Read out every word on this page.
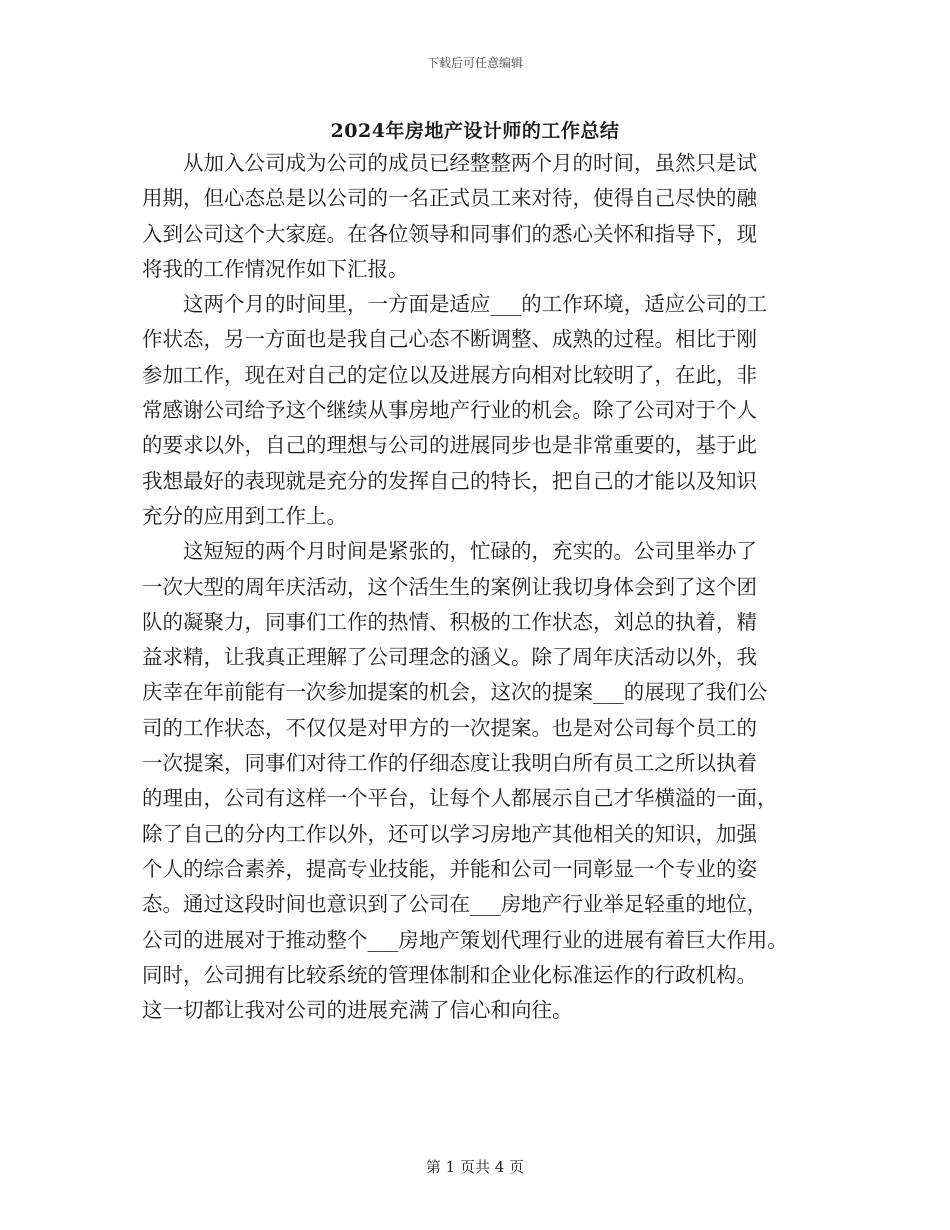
下载后可任意编辑
2024年房地产设计师的工作总结
　　从加入公司成为公司的成员已经整整两个月的时间，虽然只是试
用期，但心态总是以公司的一名正式员工来对待，使得自己尽快的融
入到公司这个大家庭。在各位领导和同事们的悉心关怀和指导下，现
将我的工作情况作如下汇报。
　　这两个月的时间里，一方面是适应___的工作环境，适应公司的工
作状态，另一方面也是我自己心态不断调整、成熟的过程。相比于刚
参加工作，现在对自己的定位以及进展方向相对比较明了，在此，非
常感谢公司给予这个继续从事房地产行业的机会。除了公司对于个人
的要求以外，自己的理想与公司的进展同步也是非常重要的，基于此
我想最好的表现就是充分的发挥自己的特长，把自己的才能以及知识
充分的应用到工作上。
　　这短短的两个月时间是紧张的，忙碌的，充实的。公司里举办了
一次大型的周年庆活动，这个活生生的案例让我切身体会到了这个团
队的凝聚力，同事们工作的热情、积极的工作状态，刘总的执着，精
益求精，让我真正理解了公司理念的涵义。除了周年庆活动以外，我
庆幸在年前能有一次参加提案的机会，这次的提案___的展现了我们公
司的工作状态，不仅仅是对甲方的一次提案。也是对公司每个员工的
一次提案，同事们对待工作的仔细态度让我明白所有员工之所以执着
的理由，公司有这样一个平台，让每个人都展示自己才华横溢的一面，
除了自己的分内工作以外，还可以学习房地产其他相关的知识，加强
个人的综合素养，提高专业技能，并能和公司一同彰显一个专业的姿
态。通过这段时间也意识到了公司在___房地产行业举足轻重的地位，
公司的进展对于推动整个___房地产策划代理行业的进展有着巨大作用。
同时，公司拥有比较系统的管理体制和企业化标准运作的行政机构。
这一切都让我对公司的进展充满了信心和向往。
第 1 页共 4 页
